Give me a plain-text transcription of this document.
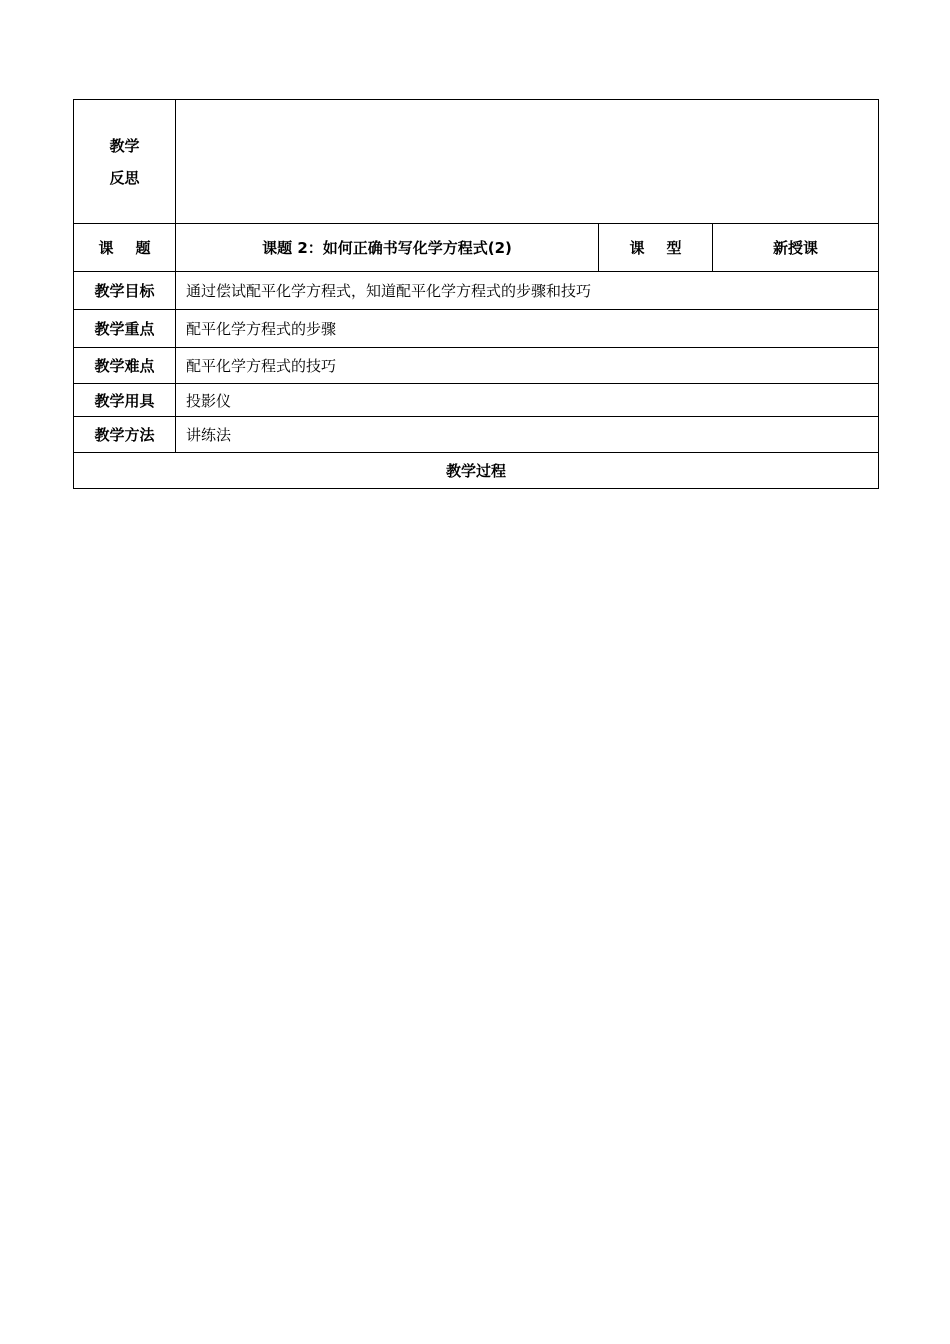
教学
反思			

课 题	课题 2：如何正确书写化学方程式(2)	课 型	新授课
教学目标	通过偿试配平化学方程式，知道配平化学方程式的步骤和技巧		
教学重点	配平化学方程式的步骤		
教学难点	配平化学方程式的技巧		
教学用具	投影仪		
教学方法	讲练法		
教学过程			
